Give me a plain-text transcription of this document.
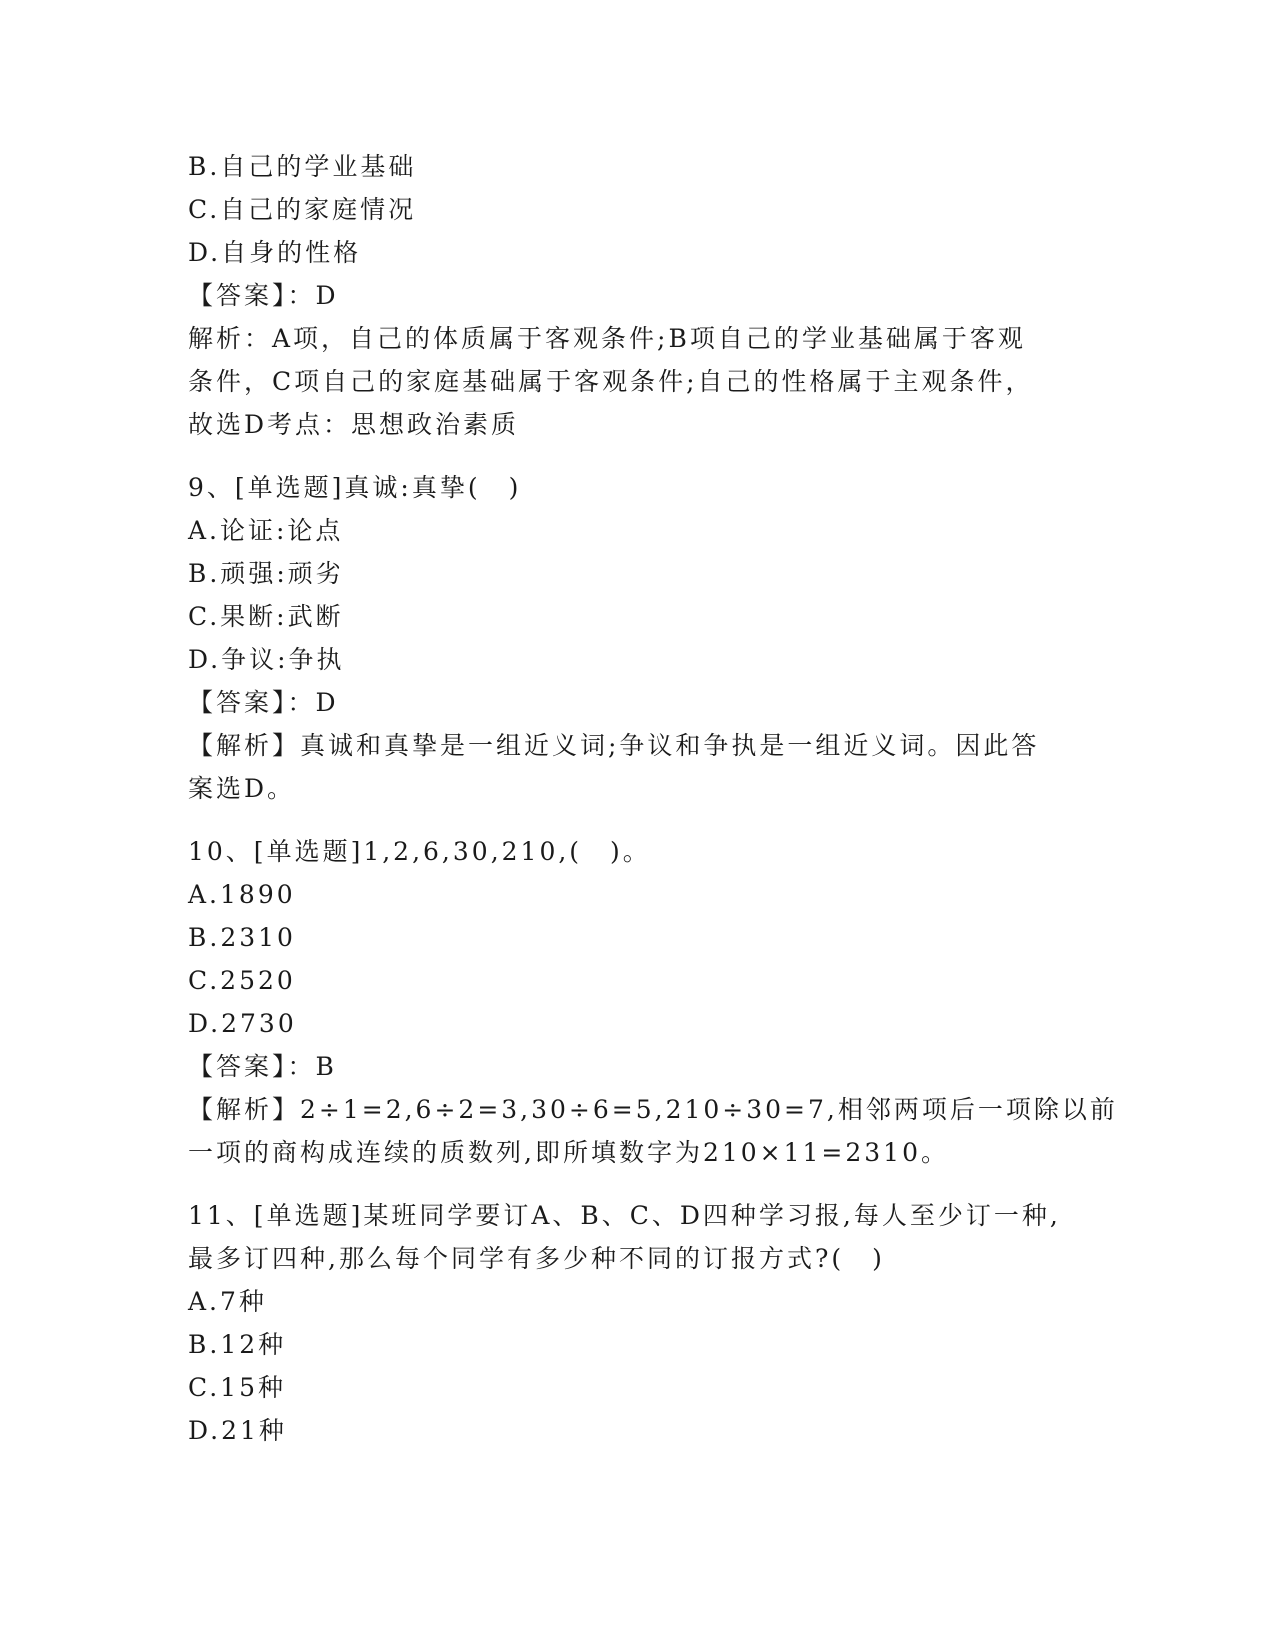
B.自己的学业基础
C.自己的家庭情况
D.自身的性格
【答案】：D
解析：A项，自己的体质属于客观条件;B项自己的学业基础属于客观
条件，C项自己的家庭基础属于客观条件;自己的性格属于主观条件，
故选D考点：思想政治素质
9、[单选题]真诚:真挚(　)
A.论证:论点
B.顽强:顽劣
C.果断:武断
D.争议:争执
【答案】：D
【解析】真诚和真挚是一组近义词;争议和争执是一组近义词。因此答
案选D。
10、[单选题]1,2,6,30,210,(　)。
A.1890
B.2310
C.2520
D.2730
【答案】：B
【解析】2÷1=2,6÷2=3,30÷6=5,210÷30=7,相邻两项后一项除以前
一项的商构成连续的质数列,即所填数字为210×11=2310。
11、[单选题]某班同学要订A、B、C、D四种学习报,每人至少订一种,
最多订四种,那么每个同学有多少种不同的订报方式?(　)
A.7种
B.12种
C.15种
D.21种
